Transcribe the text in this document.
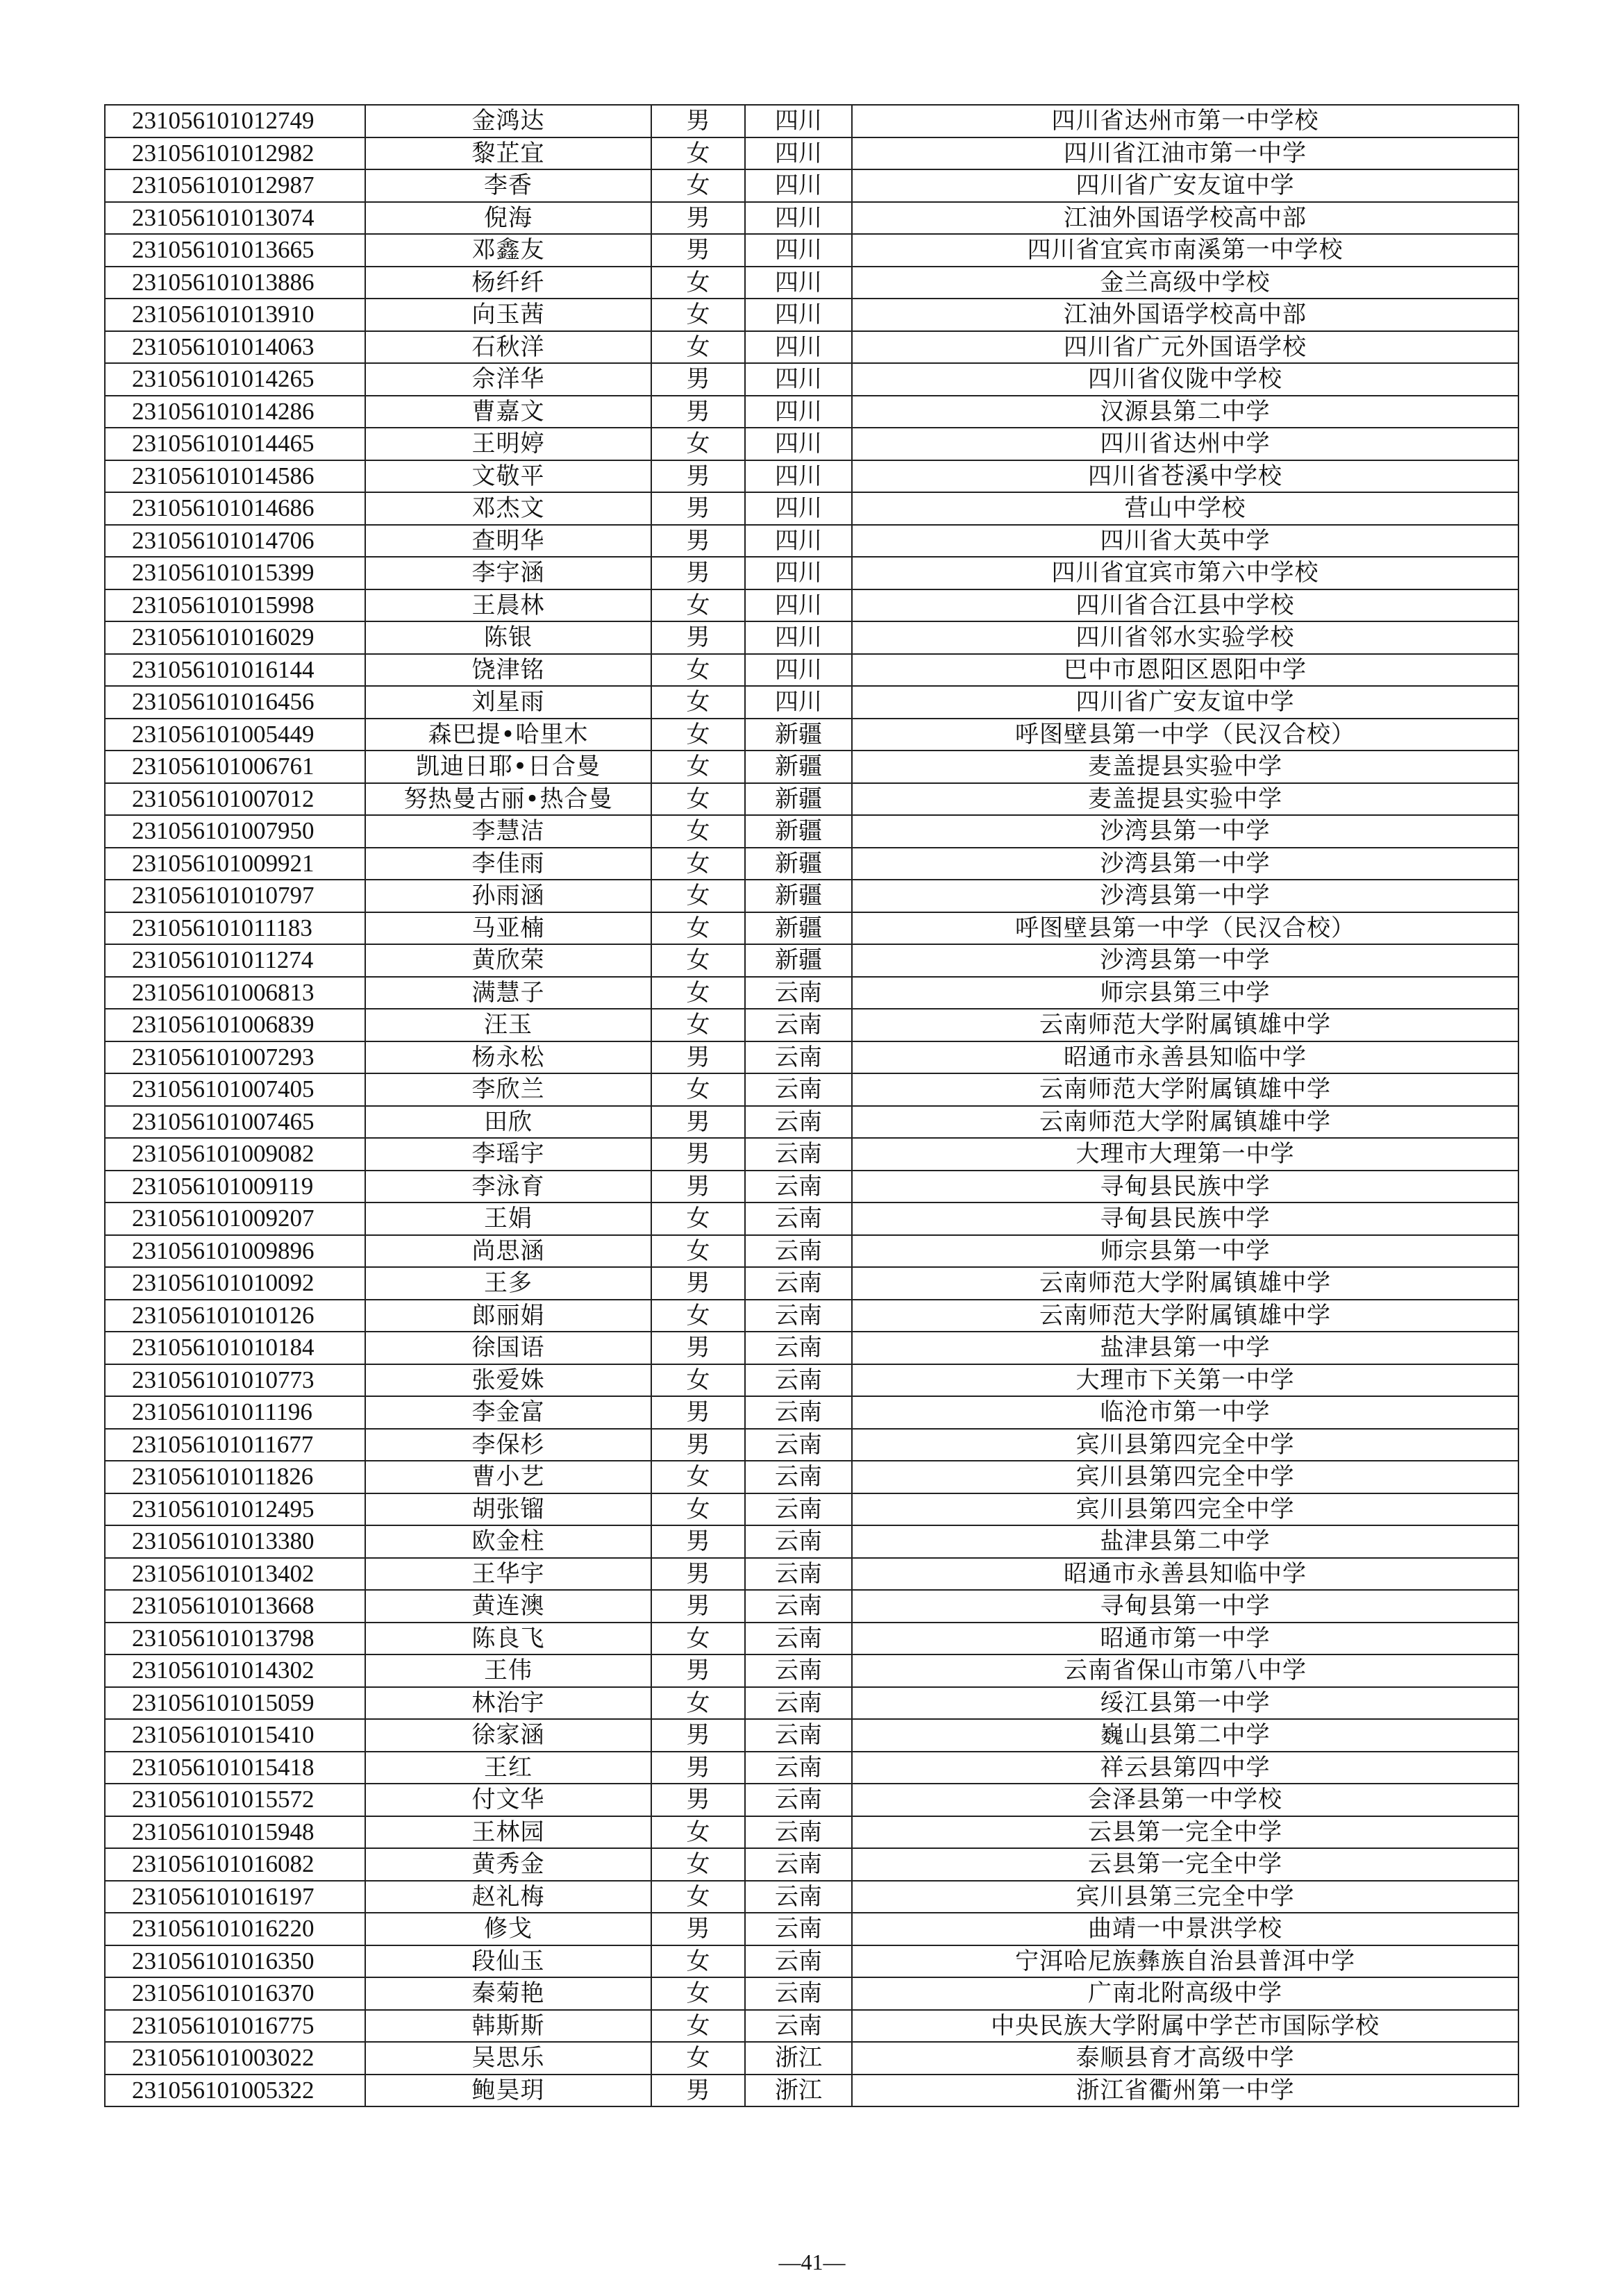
231056101012749	金鸿达	男	四川	四川省达州市第一中学校
231056101012982	黎芷宜	女	四川	四川省江油市第一中学
231056101012987	李香	女	四川	四川省广安友谊中学
231056101013074	倪海	男	四川	江油外国语学校高中部
231056101013665	邓鑫友	男	四川	四川省宜宾市南溪第一中学校
231056101013886	杨纤纤	女	四川	金兰高级中学校
231056101013910	向玉茜	女	四川	江油外国语学校高中部
231056101014063	石秋洋	女	四川	四川省广元外国语学校
231056101014265	佘洋华	男	四川	四川省仪陇中学校
231056101014286	曹嘉文	男	四川	汉源县第二中学
231056101014465	王明婷	女	四川	四川省达州中学
231056101014586	文敬平	男	四川	四川省苍溪中学校
231056101014686	邓杰文	男	四川	营山中学校
231056101014706	查明华	男	四川	四川省大英中学
231056101015399	李宇涵	男	四川	四川省宜宾市第六中学校
231056101015998	王晨林	女	四川	四川省合江县中学校
231056101016029	陈银	男	四川	四川省邻水实验学校
231056101016144	饶津铭	女	四川	巴中市恩阳区恩阳中学
231056101016456	刘星雨	女	四川	四川省广安友谊中学
231056101005449	森巴提•哈里木	女	新疆	呼图壁县第一中学（民汉合校）
231056101006761	凯迪日耶•日合曼	女	新疆	麦盖提县实验中学
231056101007012	努热曼古丽•热合曼	女	新疆	麦盖提县实验中学
231056101007950	李慧洁	女	新疆	沙湾县第一中学
231056101009921	李佳雨	女	新疆	沙湾县第一中学
231056101010797	孙雨涵	女	新疆	沙湾县第一中学
231056101011183	马亚楠	女	新疆	呼图壁县第一中学（民汉合校）
231056101011274	黄欣荣	女	新疆	沙湾县第一中学
231056101006813	满慧子	女	云南	师宗县第三中学
231056101006839	汪玉	女	云南	云南师范大学附属镇雄中学
231056101007293	杨永松	男	云南	昭通市永善县知临中学
231056101007405	李欣兰	女	云南	云南师范大学附属镇雄中学
231056101007465	田欣	男	云南	云南师范大学附属镇雄中学
231056101009082	李瑶宇	男	云南	大理市大理第一中学
231056101009119	李泳育	男	云南	寻甸县民族中学
231056101009207	王娟	女	云南	寻甸县民族中学
231056101009896	尚思涵	女	云南	师宗县第一中学
231056101010092	王多	男	云南	云南师范大学附属镇雄中学
231056101010126	郎丽娟	女	云南	云南师范大学附属镇雄中学
231056101010184	徐国语	男	云南	盐津县第一中学
231056101010773	张爱姝	女	云南	大理市下关第一中学
231056101011196	李金富	男	云南	临沧市第一中学
231056101011677	李保杉	男	云南	宾川县第四完全中学
231056101011826	曹小艺	女	云南	宾川县第四完全中学
231056101012495	胡张镏	女	云南	宾川县第四完全中学
231056101013380	欧金柱	男	云南	盐津县第二中学
231056101013402	王华宇	男	云南	昭通市永善县知临中学
231056101013668	黄连澳	男	云南	寻甸县第一中学
231056101013798	陈良飞	女	云南	昭通市第一中学
231056101014302	王伟	男	云南	云南省保山市第八中学
231056101015059	林治宇	女	云南	绥江县第一中学
231056101015410	徐家涵	男	云南	巍山县第二中学
231056101015418	王红	男	云南	祥云县第四中学
231056101015572	付文华	男	云南	会泽县第一中学校
231056101015948	王林园	女	云南	云县第一完全中学
231056101016082	黄秀金	女	云南	云县第一完全中学
231056101016197	赵礼梅	女	云南	宾川县第三完全中学
231056101016220	修戈	男	云南	曲靖一中景洪学校
231056101016350	段仙玉	女	云南	宁洱哈尼族彝族自治县普洱中学
231056101016370	秦菊艳	女	云南	广南北附高级中学
231056101016775	韩斯斯	女	云南	中央民族大学附属中学芒市国际学校
231056101003022	吴思乐	女	浙江	泰顺县育才高级中学
231056101005322	鲍昊玥	男	浙江	浙江省衢州第一中学
—41—
